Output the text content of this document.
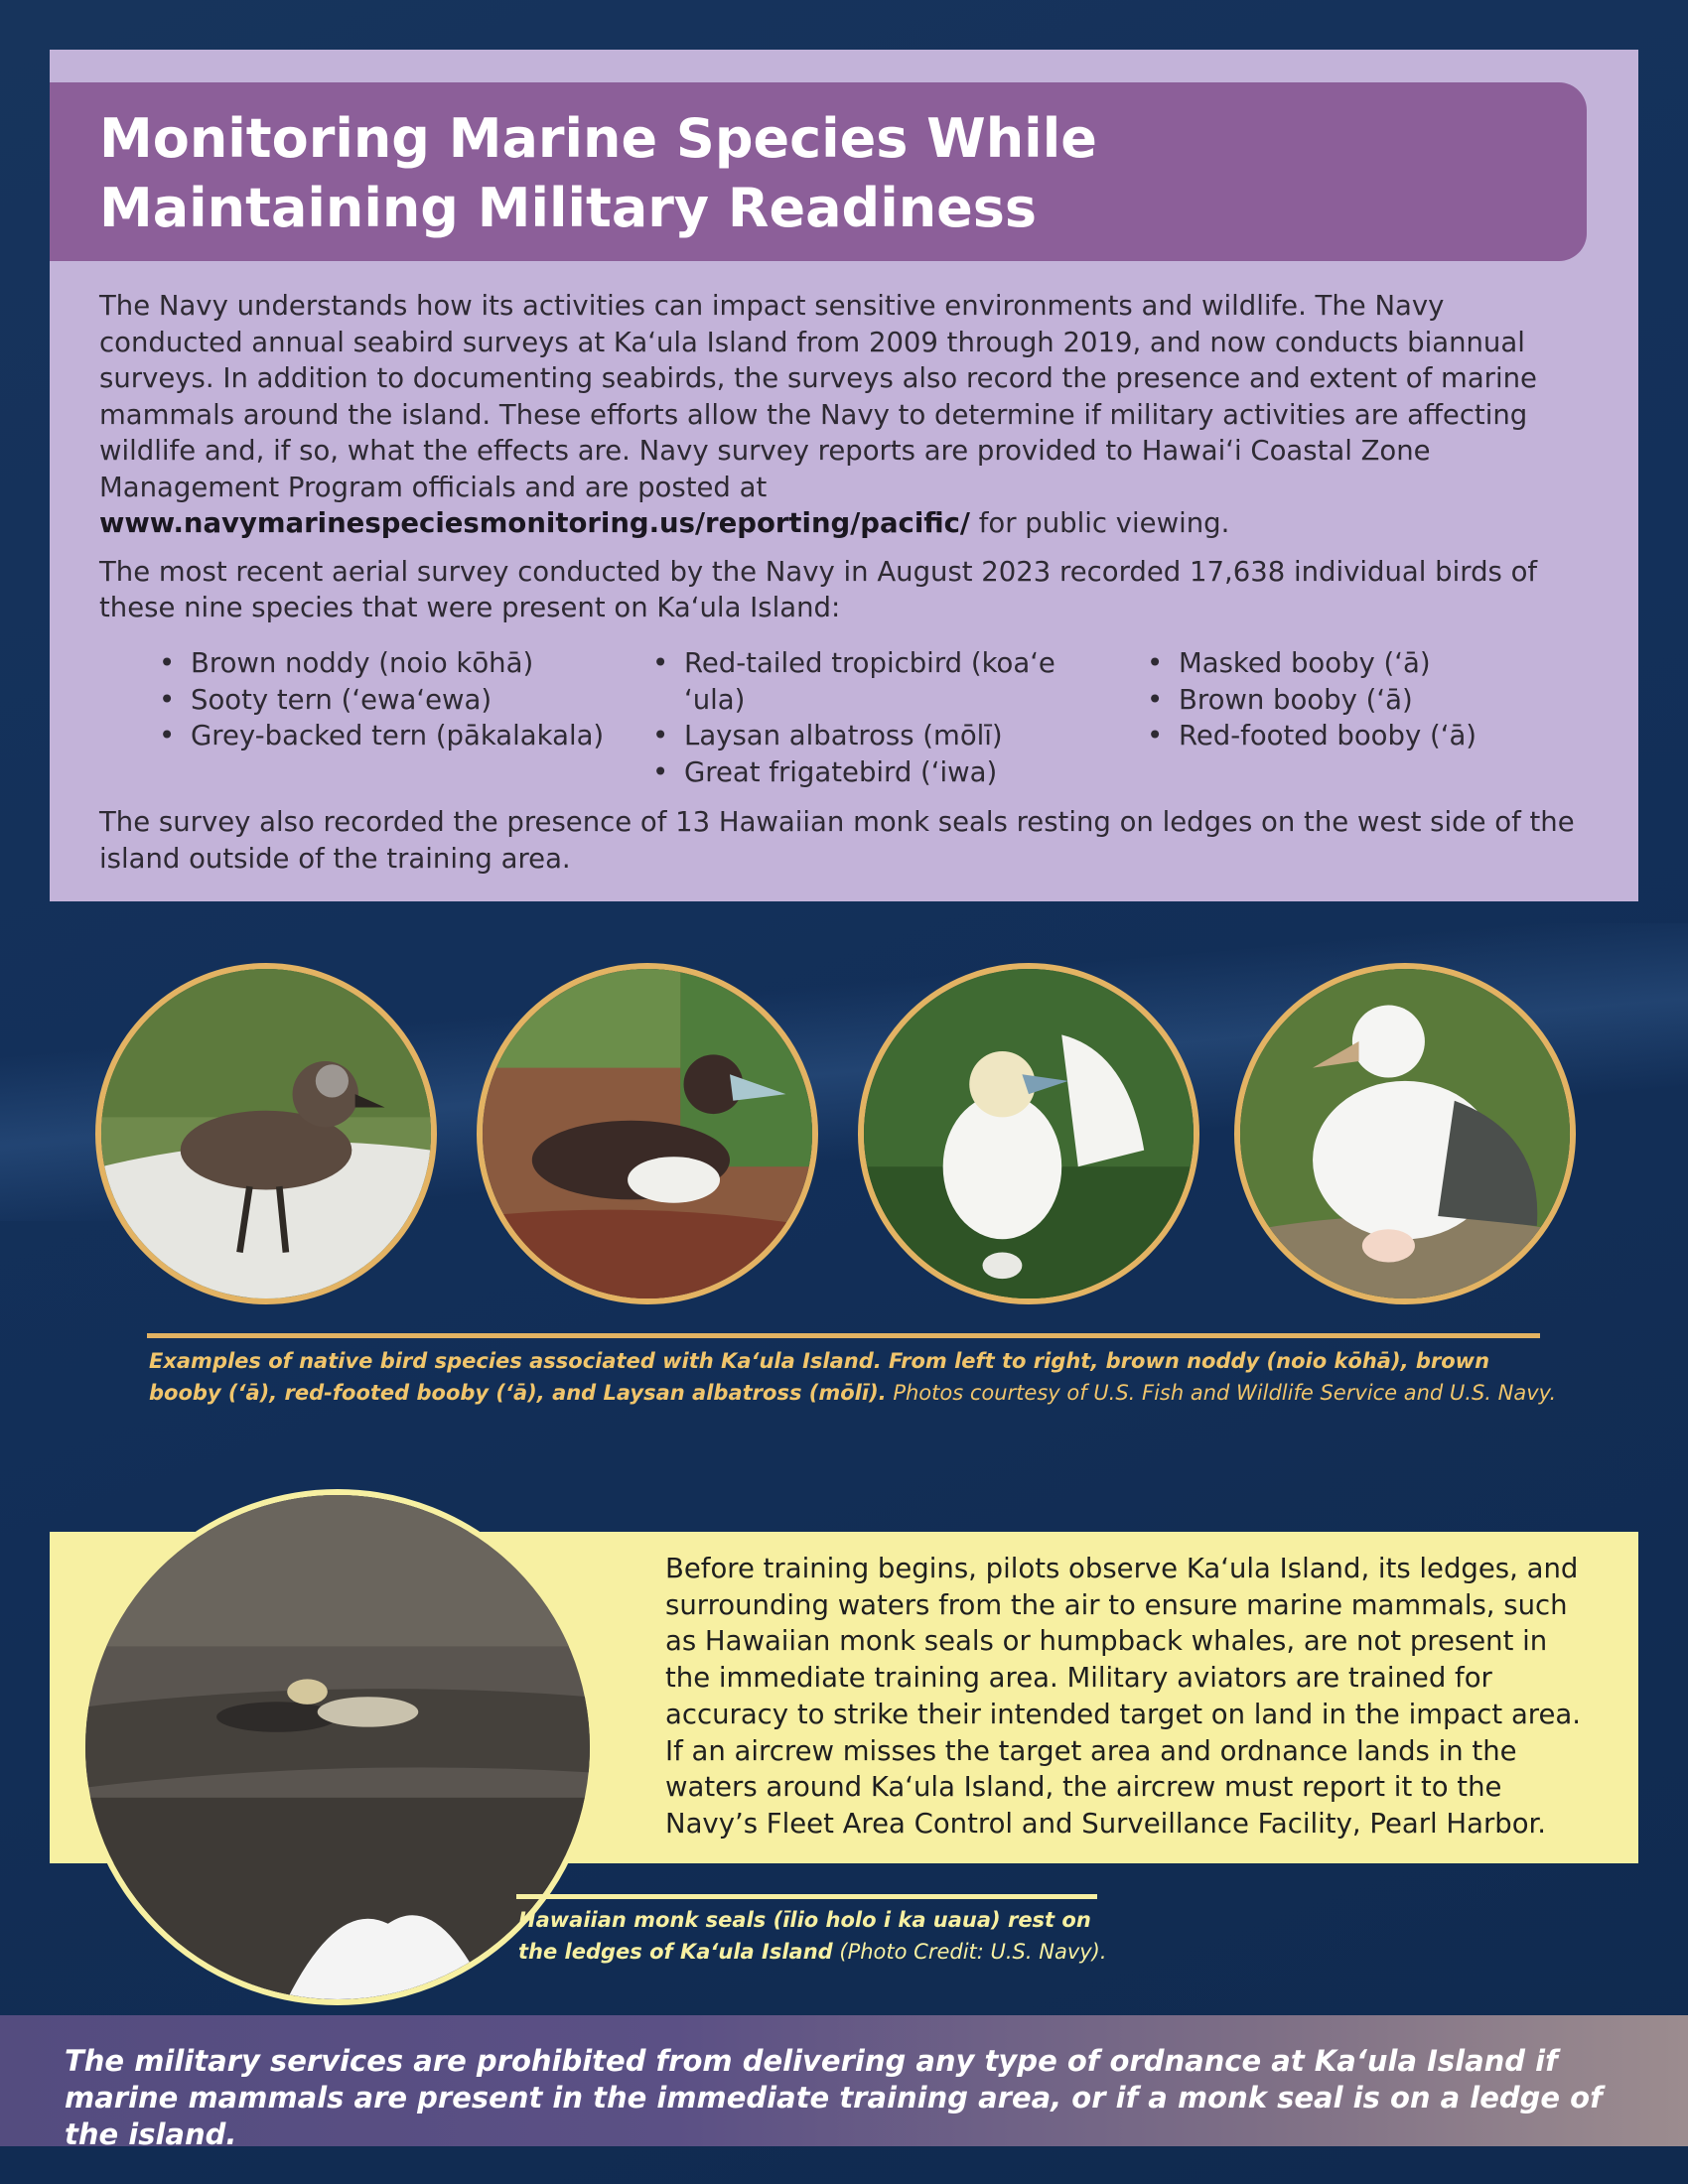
Monitoring Marine Species While
Maintaining Military Readiness

The Navy understands how its activities can impact sensitive environments and wildlife. The Navy conducted annual seabird surveys at Kaʻula Island from 2009 through 2019, and now conducts biannual surveys. In addition to documenting seabirds, the surveys also record the presence and extent of marine mammals around the island. These efforts allow the Navy to determine if military activities are affecting wildlife and, if so, what the effects are. Navy survey reports are provided to Hawaiʻi Coastal Zone Management Program officials and are posted at
www.navymarinespeciesmonitoring.us/reporting/pacific/ for public viewing.

The most recent aerial survey conducted by the Navy in August 2023 recorded 17,638 individual birds of these nine species that were present on Kaʻula Island:

• Brown noddy (noio kōhā)
• Sooty tern (ʻewaʻewa)
• Grey-backed tern (pākalakala)
• Red-tailed tropicbird (koaʻe ʻula)
• Laysan albatross (mōlī)
• Great frigatebird (ʻiwa)
• Masked booby (ʻā)
• Brown booby (ʻā)
• Red-footed booby (ʻā)
The survey also recorded the presence of 13 Hawaiian monk seals resting on ledges on the west side of the island outside of the training area.
Examples of native bird species associated with Kaʻula Island. From left to right, brown noddy (noio kōhā), brown booby (ʻā), red-footed booby (ʻā), and Laysan albatross (mōlī). Photos courtesy of U.S. Fish and Wildlife Service and U.S. Navy.
Before training begins, pilots observe Kaʻula Island, its ledges, and surrounding waters from the air to ensure marine mammals, such as Hawaiian monk seals or humpback whales, are not present in the immediate training area. Military aviators are trained for accuracy to strike their intended target on land in the impact area. If an aircrew misses the target area and ordnance lands in the waters around Kaʻula Island, the aircrew must report it to the Navy’s Fleet Area Control and Surveillance Facility, Pearl Harbor.
Hawaiian monk seals (īlio holo i ka uaua) rest on the ledges of Kaʻula Island (Photo Credit: U.S. Navy).

The military services are prohibited from delivering any type of ordnance at Kaʻula Island if marine mammals are present in the immediate training area, or if a monk seal is on a ledge of the island.
